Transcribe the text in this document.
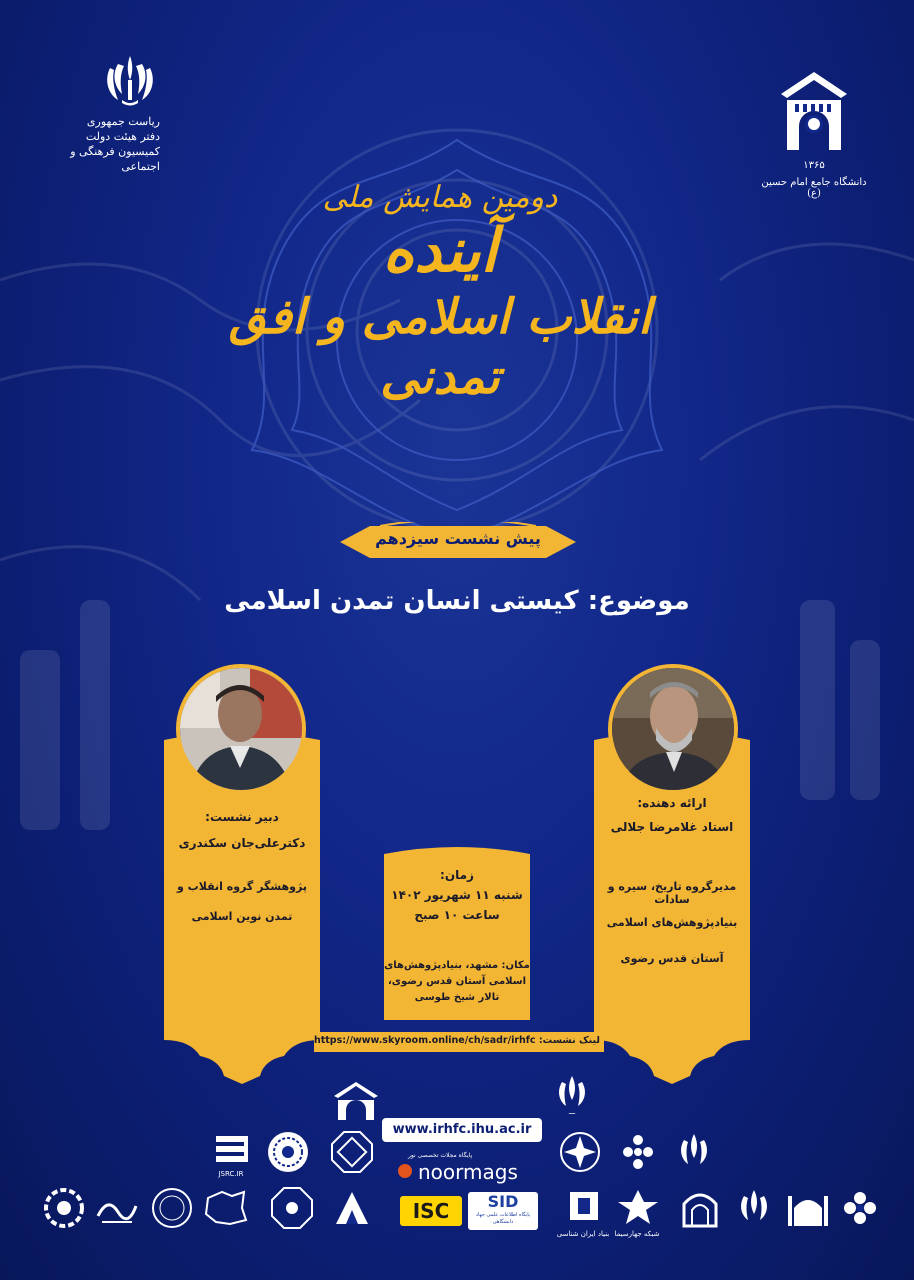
ریاست جمهوری
دفتر هیئت دولت
کمیسیون فرهنگی و اجتماعی	۱۳۶۵
دانشگاه جامع امام حسین (ع)
دومین همایش ملی
آینده
انقلاب اسلامی و افق تمدنی
پیش نشست سیزدهم
موضوع: کیستی انسان تمدن اسلامی
دبیر نشست:
دکترعلی‌جان سکندری
پژوهشگر گروه انقلاب و
تمدن نوین اسلامی
ارائه دهنده:
استاد غلامرضا جلالی
مدیرگروه تاریخ، سیره و سادات
بنیادپژوهش‌های اسلامی
آستان قدس رضوی
زمان:
شنبه ۱۱ شهریور ۱۴۰۲
ساعت ۱۰ صبح
مکان: مشهد، بنیادپژوهش‌های
اسلامی آستان قدس رضوی،
تالار شیخ طوسی
لینک نشست: https://www.skyroom.online/ch/sadr/irhfc
www.irhfc.ihu.ac.ir
ـــ
JSRC.IR
پایگاه مجلات تخصصی نور
noormags
ISC	SID
پایگاه اطلاعات علمی جهاد دانشگاهی
بنیاد ایران شناسی شبکه جهارسیما
